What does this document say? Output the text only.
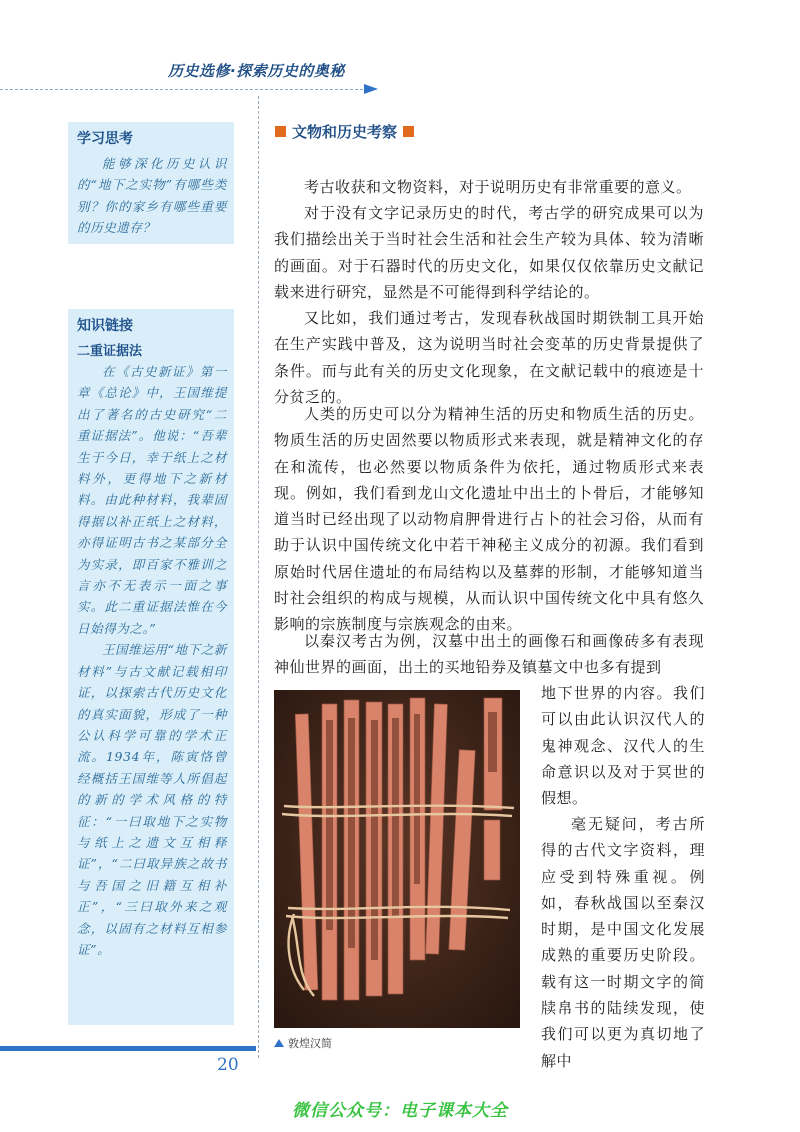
历史选修·探索历史的奥秘
学习思考

能够深化历史认识的“地下之实物”有哪些类别？你的家乡有哪些重要的历史遗存？

知识链接
二重证据法

在《古史新证》第一章《总论》中，王国维提出了著名的古史研究“二重证据法”。他说：“吾辈生于今日，幸于纸上之材料外，更得地下之新材料。由此种材料，我辈固得据以补正纸上之材料，亦得证明古书之某部分全为实录，即百家不雅训之言亦不无表示一面之事实。此二重证据法惟在今日始得为之。”

王国维运用“地下之新材料”与古文献记载相印证，以探索古代历史文化的真实面貌，形成了一种公认科学可靠的学术正流。1934年，陈寅恪曾经概括王国维等人所倡起的新的学术风格的特征：“一曰取地下之实物与纸上之遗文互相释证”，“二曰取异族之故书与吾国之旧籍互相补正”，“三曰取外来之观念，以固有之材料互相参证”。

文物和历史考察

考古收获和文物资料，对于说明历史有非常重要的意义。

对于没有文字记录历史的时代，考古学的研究成果可以为我们描绘出关于当时社会生活和社会生产较为具体、较为清晰的画面。对于石器时代的历史文化，如果仅仅依靠历史文献记载来进行研究，显然是不可能得到科学结论的。

又比如，我们通过考古，发现春秋战国时期铁制工具开始在生产实践中普及，这为说明当时社会变革的历史背景提供了条件。而与此有关的历史文化现象，在文献记载中的痕迹是十分贫乏的。

人类的历史可以分为精神生活的历史和物质生活的历史。物质生活的历史固然要以物质形式来表现，就是精神文化的存在和流传，也必然要以物质条件为依托，通过物质形式来表现。例如，我们看到龙山文化遗址中出土的卜骨后，才能够知道当时已经出现了以动物肩胛骨进行占卜的社会习俗，从而有助于认识中国传统文化中若干神秘主义成分的初源。我们看到原始时代居住遗址的布局结构以及墓葬的形制，才能够知道当时社会组织的构成与规模，从而认识中国传统文化中具有悠久影响的宗族制度与宗族观念的由来。

以秦汉考古为例，汉墓中出土的画像石和画像砖多有表现神仙世界的画面，出土的买地铅券及镇墓文中也多有提到

地下世界的内容。我们可以由此认识汉代人的鬼神观念、汉代人的生命意识以及对于冥世的假想。

毫无疑问，考古所得的古代文字资料，理应受到特殊重视。例如，春秋战国以至秦汉时期，是中国文化发展成熟的重要历史阶段。载有这一时期文字的简牍帛书的陆续发现，使我们可以更为真切地了解中

敦煌汉简
20
微信公众号：电子课本大全
